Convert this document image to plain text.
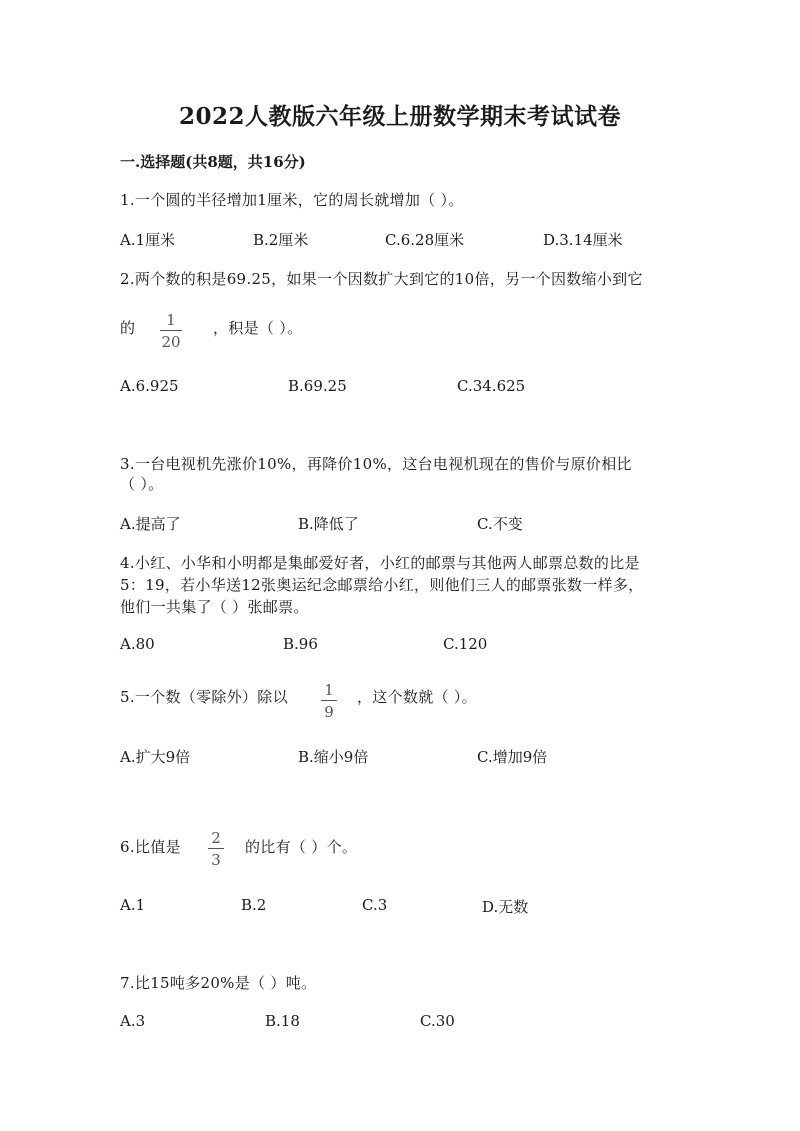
2022人教版六年级上册数学期末考试试卷
一.选择题(共8题，共16分)
1.一个圆的半径增加1厘米，它的周长就增加（ ）。
A.1厘米	B.2厘米	C.6.28厘米	D.3.14厘米
2.两个数的积是69.25，如果一个因数扩大到它的10倍，另一个因数缩小到它
的	1
20
，积是（ ）。
A.6.925	B.69.25	C.34.625
3.一台电视机先涨价10%，再降价10%，这台电视机现在的售价与原价相比
（ ）。
A.提高了	B.降低了	C.不变
4.小红、小华和小明都是集邮爱好者，小红的邮票与其他两人邮票总数的比是
5：19，若小华送12张奥运纪念邮票给小红，则他们三人的邮票张数一样多，
他们一共集了（ ）张邮票。
A.80	B.96	C.120
5.一个数（零除外）除以 1
9
，这个数就（ ）。
A.扩大9倍	B.缩小9倍	C.增加9倍
6.比值是 2
3
的比有（ ）个。
A.1	B.2	C.3	D.无数
7.比15吨多20%是（ ）吨。
A.3	B.18	C.30
